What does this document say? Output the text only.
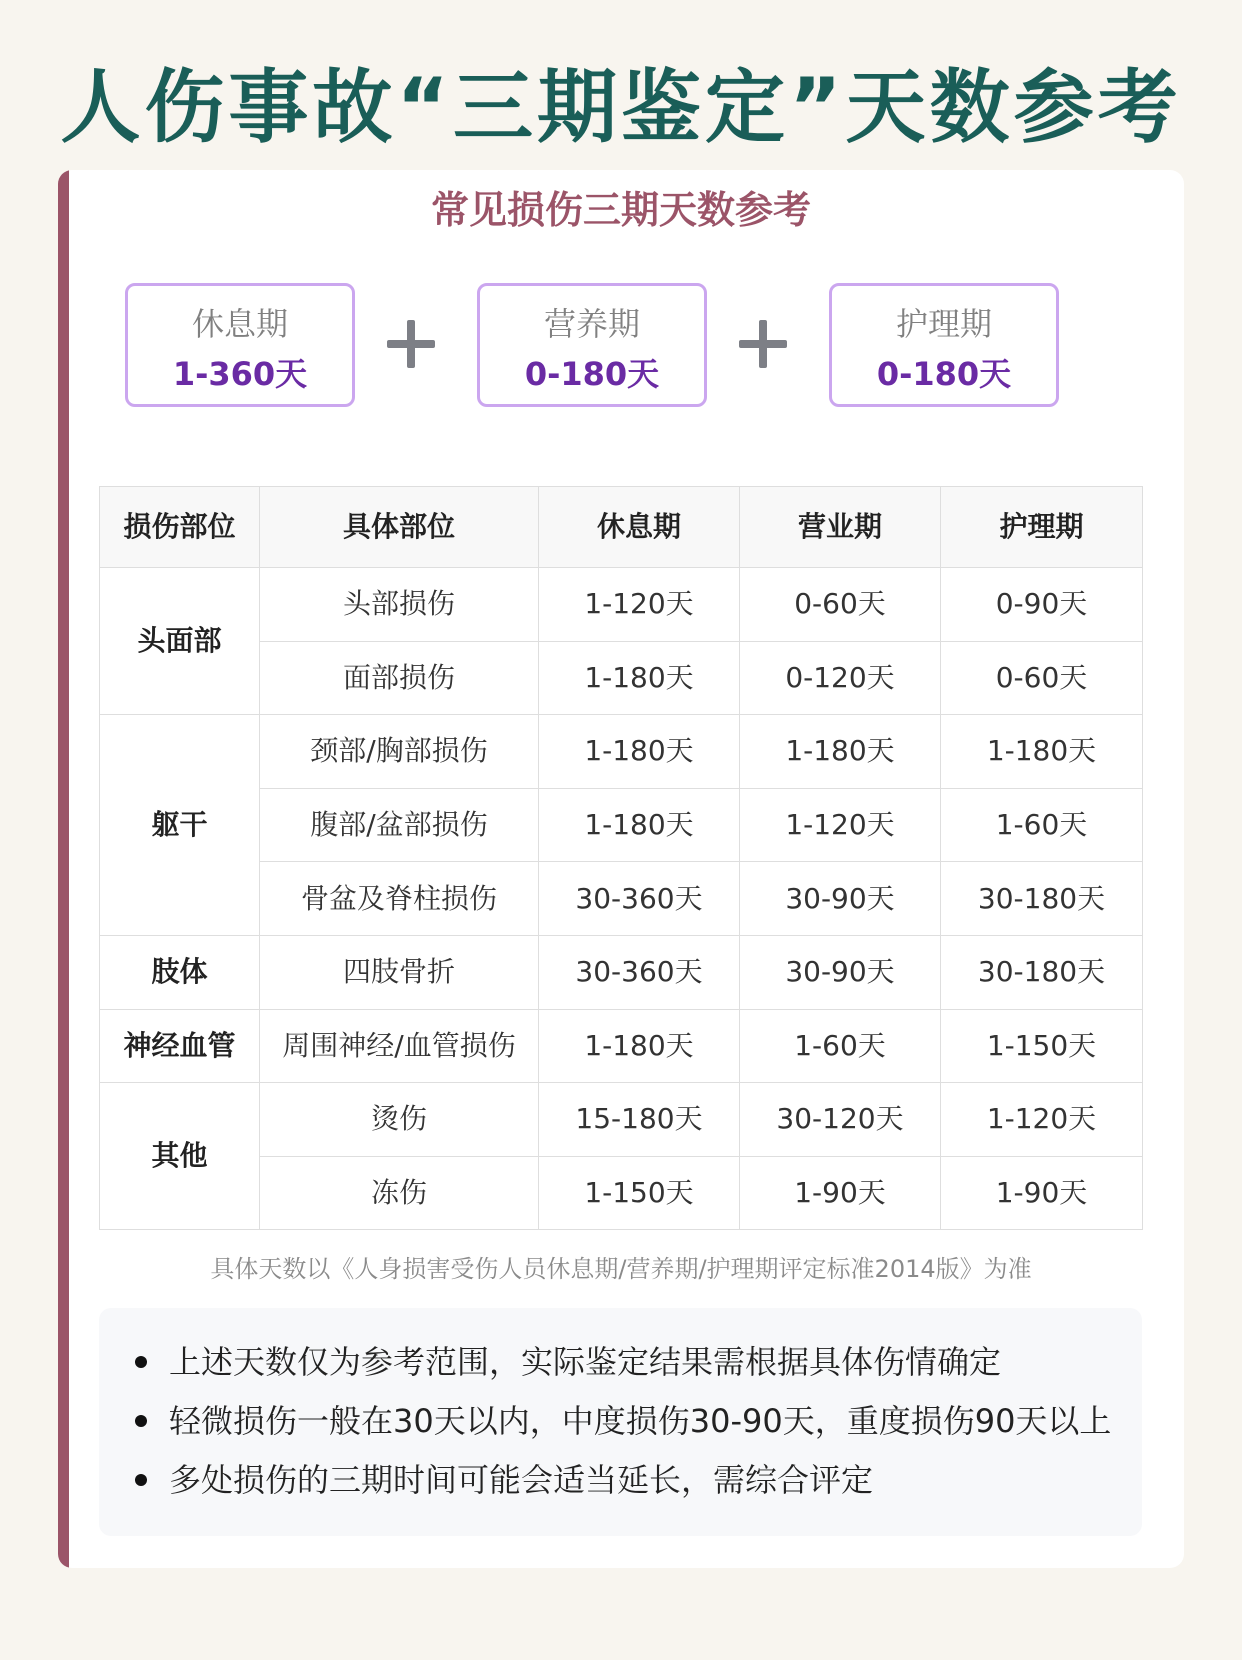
人伤事故“三期鉴定”天数参考
常见损伤三期天数参考
休息期
1-360天
营养期
0-180天
护理期
0-180天
损伤部位	具体部位	休息期	营业期	护理期
头面部	头部损伤	1-120天	0-60天	0-90天
	面部损伤	1-180天	0-120天	0-60天
躯干	颈部/胸部损伤	1-180天	1-180天	1-180天
	腹部/盆部损伤	1-180天	1-120天	1-60天
	骨盆及脊柱损伤	30-360天	30-90天	30-180天
肢体	四肢骨折	30-360天	30-90天	30-180天
神经血管	周围神经/血管损伤	1-180天	1-60天	1-150天
其他	烫伤	15-180天	30-120天	1-120天
	冻伤	1-150天	1-90天	1-90天

具体天数以《人身损害受伤人员休息期/营养期/护理期评定标准2014版》为准

上述天数仅为参考范围，实际鉴定结果需根据具体伤情确定
轻微损伤一般在30天以内，中度损伤30-90天，重度损伤90天以上
多处损伤的三期时间可能会适当延长，需综合评定
